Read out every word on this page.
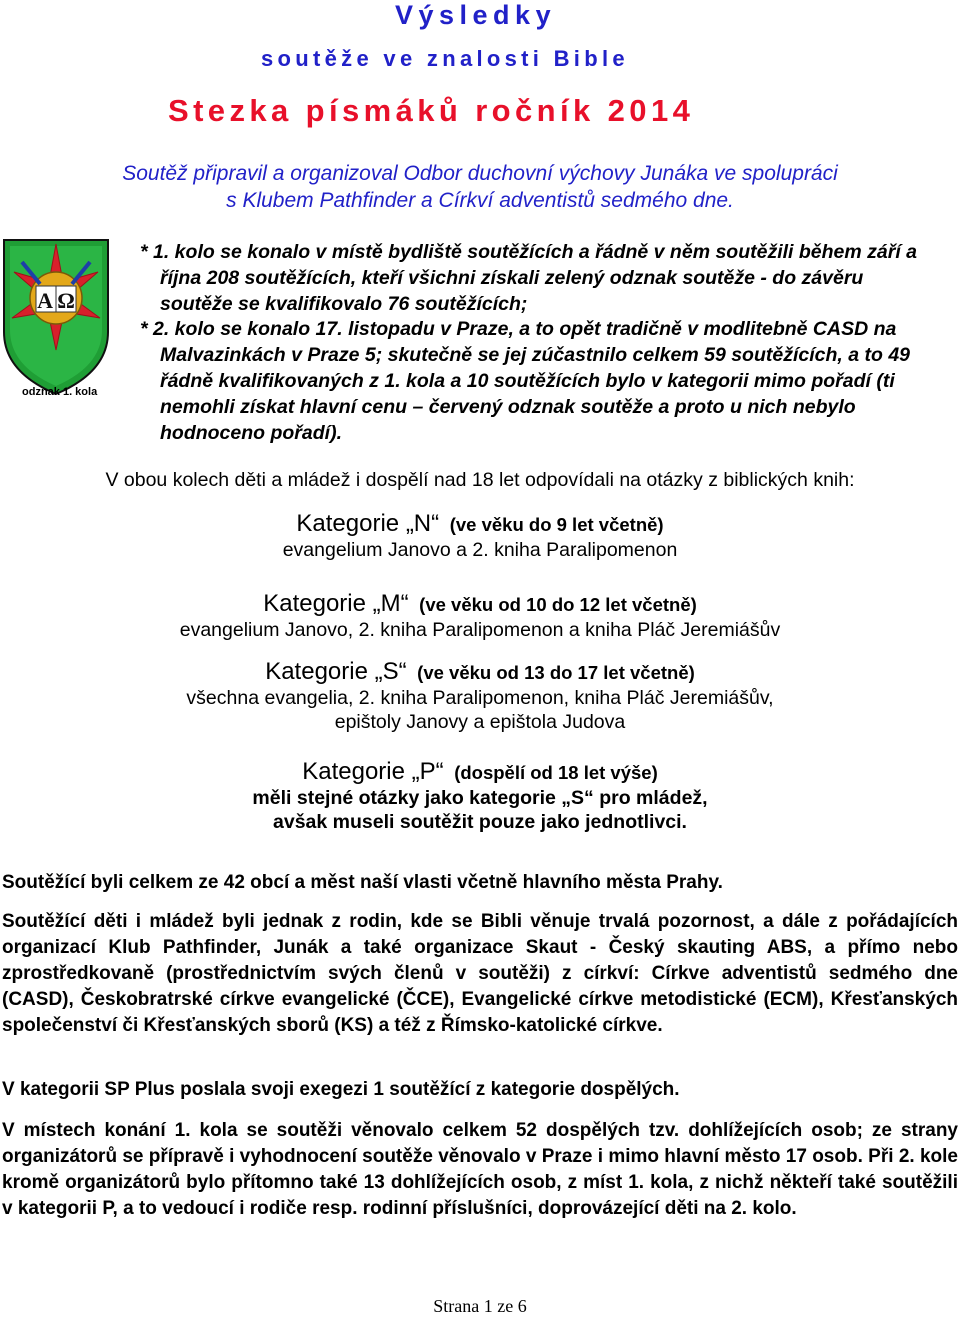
Výsledky
soutěže ve znalosti Bible
Stezka písmáků ročník 2014
Soutěž připravil a organizoval Odbor duchovní výchovy Junáka ve spolupráci
s Klubem Pathfinder a Církví adventistů sedmého dne.
A Ω
odznak 1. kola

* 1. kolo se konalo v místě bydliště soutěžících a řádně v něm soutěžili během září a října 208 soutěžících, kteří všichni získali zelený odznak soutěže - do závěru soutěže se kvalifikovalo 76 soutěžících;

* 2. kolo se konalo 17. listopadu v Praze, a to opět tradičně v modlitebně CASD na Malvazinkách v Praze 5; skutečně se jej zúčastnilo celkem 59 soutěžících, a to 49 řádně kvalifikovaných z 1. kola a 10 soutěžících bylo v kategorii mimo pořadí (ti nemohli získat hlavní cenu – červený odznak soutěže a proto u nich nebylo hodnoceno pořadí).

V obou kolech děti a mládež i dospělí nad 18 let odpovídali na otázky z biblických knih:
Kategorie „N“ (ve věku do 9 let včetně)
evangelium Janovo a 2. kniha Paralipomenon
Kategorie „M“ (ve věku od 10 do 12 let včetně)
evangelium Janovo, 2. kniha Paralipomenon a kniha Pláč Jeremiášův
Kategorie „S“ (ve věku od 13 do 17 let včetně)
všechna evangelia, 2. kniha Paralipomenon, kniha Pláč Jeremiášův,
epištoly Janovy a epištola Judova
Kategorie „P“ (dospělí od 18 let výše)
měli stejné otázky jako kategorie „S“ pro mládež,
avšak museli soutěžit pouze jako jednotlivci.
Soutěžící byli celkem ze 42 obcí a měst naší vlasti včetně hlavního města Prahy.
Soutěžící děti i mládež byli jednak z rodin, kde se Bibli věnuje trvalá pozornost, a dále z pořádajících organizací Klub Pathfinder, Junák a také organizace Skaut - Český skauting ABS, a přímo nebo zprostředkovaně (prostřednictvím svých členů v soutěži) z církví: Církve adventistů sedmého dne (CASD), Českobratrské církve evangelické (ČCE), Evangelické církve metodistické (ECM), Křesťanských společenství či Křesťanských sborů (KS) a též z Římsko-katolické církve.
V kategorii SP Plus poslala svoji exegezi 1 soutěžící z kategorie dospělých.
V místech konání 1. kola se soutěži věnovalo celkem 52 dospělých tzv. dohlížejících osob; ze strany organizátorů se přípravě i vyhodnocení soutěže věnovalo v Praze i mimo hlavní město 17 osob. Při 2. kole kromě organizátorů bylo přítomno také 13 dohlížejících osob, z míst 1. kola, z nichž někteří také soutěžili v kategorii P, a to vedoucí i rodiče resp. rodinní příslušníci, doprovázející děti na 2. kolo.
Strana 1 ze 6
